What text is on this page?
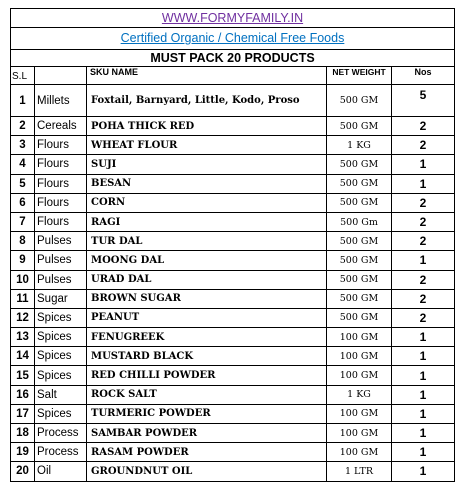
WWW.FORMYFAMILY.IN
Certified Organic / Chemical Free Foods
MUST PACK 20 PRODUCTS
S.L	SKU NAME	NET WEIGHT	Nos
1 Millets	Foxtail, Barnyard, Little, Kodo, Proso	500 GM	5
2 Cereals	POHA THICK RED	500 GM	2
3 Flours	WHEAT FLOUR	1 KG	2
4 Flours	SUJI	500 GM	1
5 Flours	BESAN	500 GM	1
6 Flours	CORN	500 GM	2
7 Flours	RAGI	500 Gm	2
8 Pulses	TUR DAL	500 GM	2
9 Pulses	MOONG DAL	500 GM	1
10 Pulses	URAD DAL	500 GM	2
11 Sugar	BROWN SUGAR	500 GM	2
12 Spices	PEANUT	500 GM	2
13 Spices	FENUGREEK	100 GM	1
14 Spices	MUSTARD BLACK	100 GM	1
15 Spices	RED CHILLI POWDER	100 GM	1
16 Salt	ROCK SALT	1 KG	1
17 Spices	TURMERIC POWDER	100 GM	1
18 Process	SAMBAR POWDER	100 GM	1
19 Process	RASAM POWDER	100 GM	1
20 Oil	GROUNDNUT OIL	1 LTR	1
